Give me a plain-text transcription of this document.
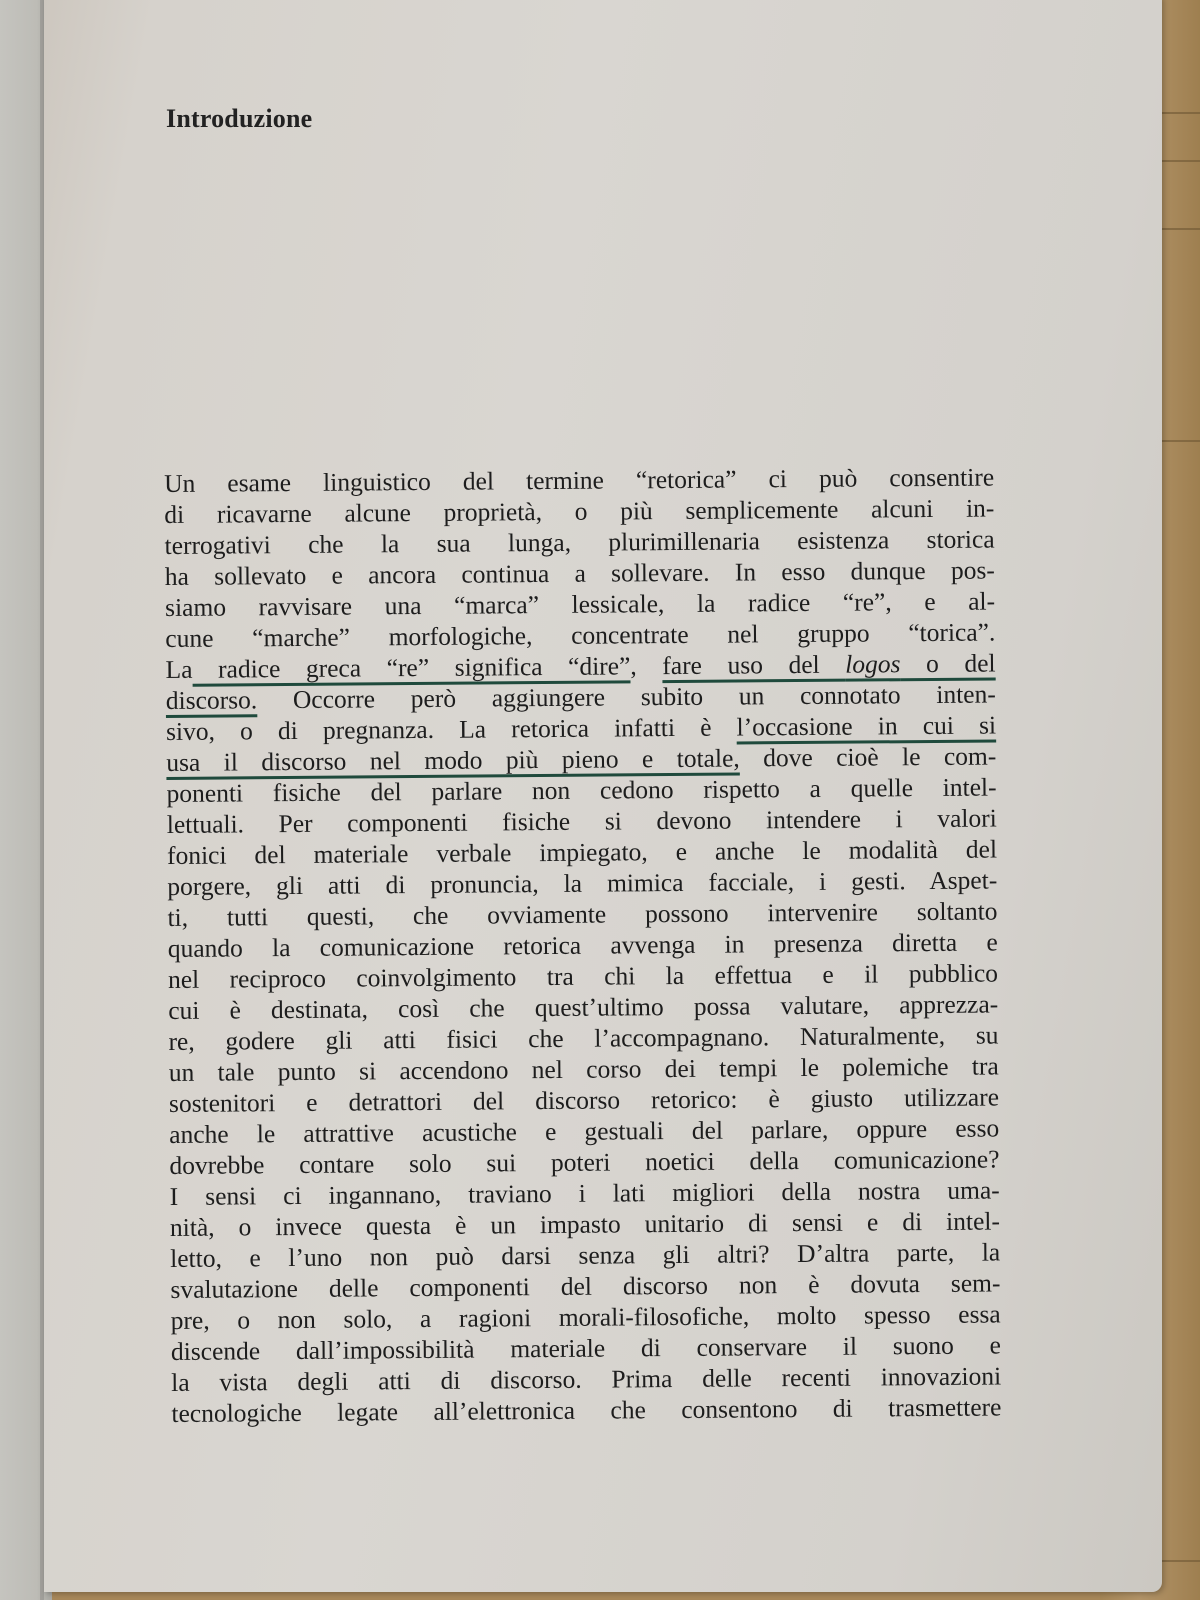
Introduzione
Un esame linguistico del termine “retorica” ci può consentire
di ricavarne alcune proprietà, o più semplicemente alcuni in-
terrogativi che la sua lunga, plurimillenaria esistenza storica
ha sollevato e ancora continua a sollevare. In esso dunque pos-
siamo ravvisare una “marca” lessicale, la radice “re”, e al-
cune “marche” morfologiche, concentrate nel gruppo “torica”.
La radice greca “re” significa “dire”, fare uso del logos o del
discorso. Occorre però aggiungere subito un connotato inten-
sivo, o di pregnanza. La retorica infatti è l’occasione in cui si
usa il discorso nel modo più pieno e totale, dove cioè le com-
ponenti fisiche del parlare non cedono rispetto a quelle intel-
lettuali. Per componenti fisiche si devono intendere i valori
fonici del materiale verbale impiegato, e anche le modalità del
porgere, gli atti di pronuncia, la mimica facciale, i gesti. Aspet-
ti, tutti questi, che ovviamente possono intervenire soltanto
quando la comunicazione retorica avvenga in presenza diretta e
nel reciproco coinvolgimento tra chi la effettua e il pubblico
cui è destinata, così che quest’ultimo possa valutare, apprezza-
re, godere gli atti fisici che l’accompagnano. Naturalmente, su
un tale punto si accendono nel corso dei tempi le polemiche tra
sostenitori e detrattori del discorso retorico: è giusto utilizzare
anche le attrattive acustiche e gestuali del parlare, oppure esso
dovrebbe contare solo sui poteri noetici della comunicazione?
I sensi ci ingannano, traviano i lati migliori della nostra uma-
nità, o invece questa è un impasto unitario di sensi e di intel-
letto, e l’uno non può darsi senza gli altri? D’altra parte, la
svalutazione delle componenti del discorso non è dovuta sem-
pre, o non solo, a ragioni morali-filosofiche, molto spesso essa
discende dall’impossibilità materiale di conservare il suono e
la vista degli atti di discorso. Prima delle recenti innovazioni
tecnologiche legate all’elettronica che consentono di trasmettere
